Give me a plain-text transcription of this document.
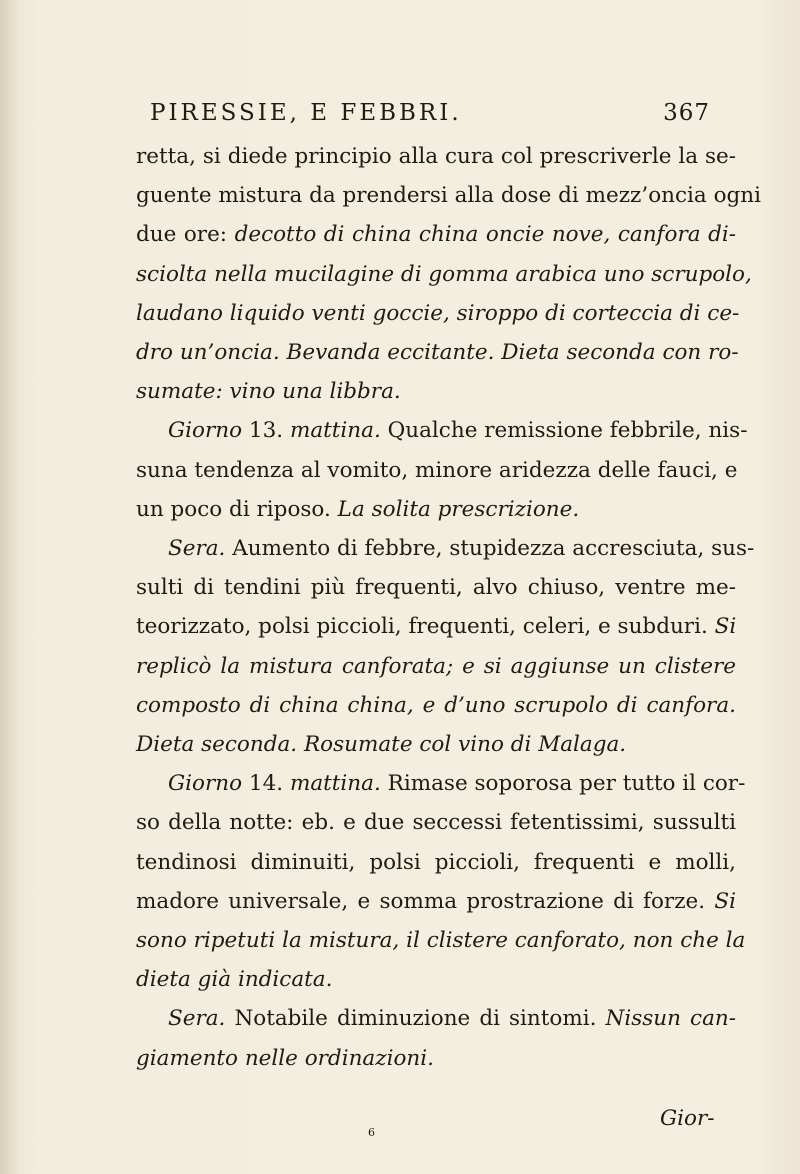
PIRESSIE, E FEBBRI.	367
retta, si diede principio alla cura col prescriverle la se-
guente mistura da prendersi alla dose di mezz’oncia ogni
due ore: decotto di china china oncie nove, canfora di-
sciolta nella mucilagine di gomma arabica uno scrupolo,
laudano liquido venti goccie, siroppo di corteccia di ce-
dro un’oncia. Bevanda eccitante. Dieta seconda con ro-
sumate: vino una libbra.
Giorno 13. mattina. Qualche remissione febbrile, nis-
suna tendenza al vomito, minore aridezza delle fauci, e
un poco di riposo. La solita prescrizione.
Sera. Aumento di febbre, stupidezza accresciuta, sus-
sulti di tendini più frequenti, alvo chiuso, ventre me-
teorizzato, polsi piccioli, frequenti, celeri, e subduri. Si
replicò la mistura canforata; e si aggiunse un clistere
composto di china china, e d’uno scrupolo di canfora.
Dieta seconda. Rosumate col vino di Malaga.
Giorno 14. mattina. Rimase soporosa per tutto il cor-
so della notte: eb. e due seccessi fetentissimi, sussulti
tendinosi diminuiti, polsi piccioli, frequenti e molli,
madore universale, e somma prostrazione di forze. Si
sono ripetuti la mistura, il clistere canforato, non che la
dieta già indicata.
Sera. Notabile diminuzione di sintomi. Nissun can-
giamento nelle ordinazioni.
Gior-
6
